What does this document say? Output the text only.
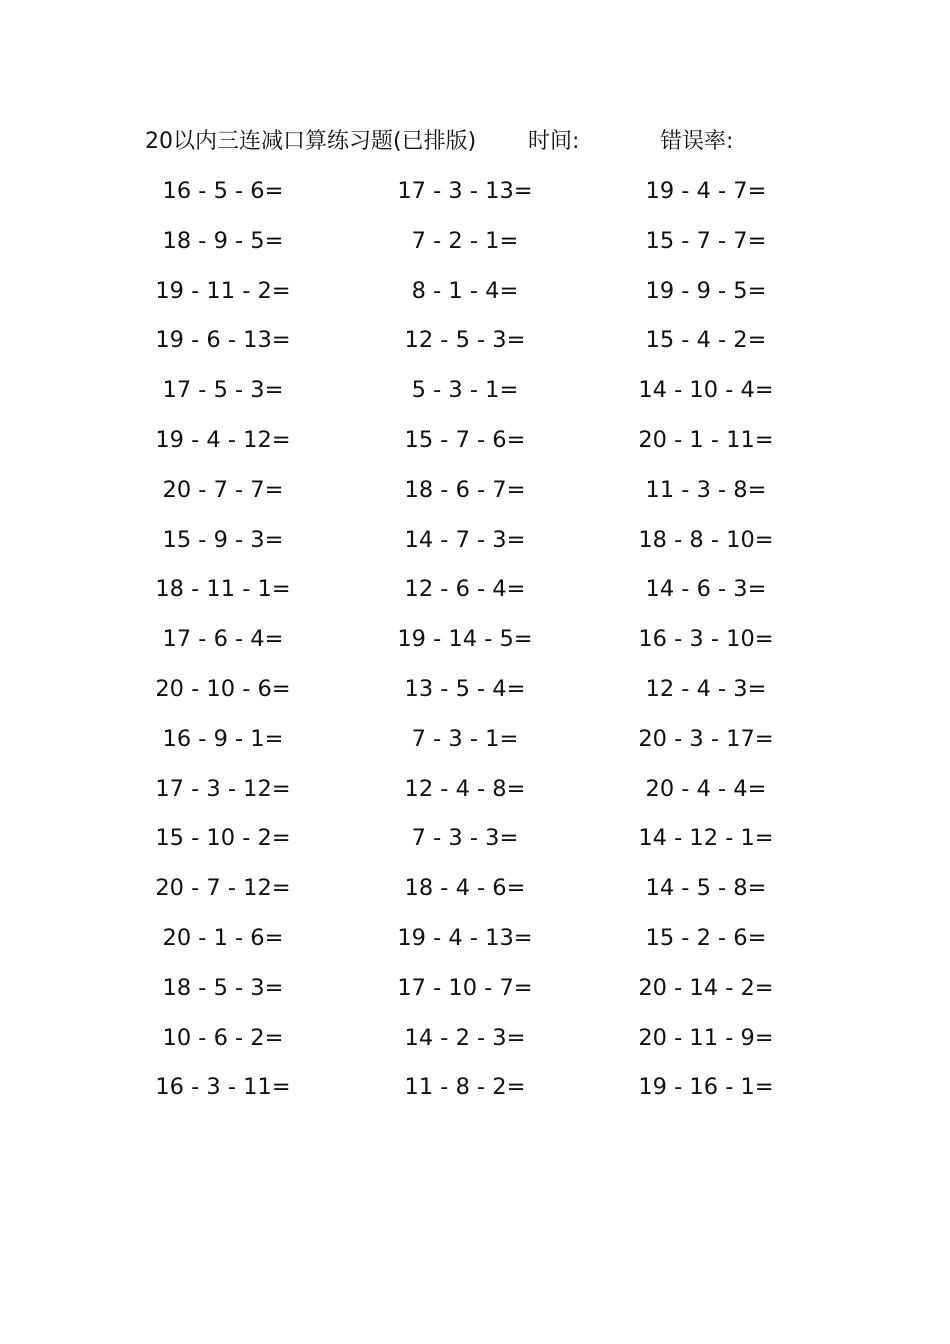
20以内三连减口算练习题(已排版) 时间:	错误率:
16 - 5 - 6=	17 - 3 - 13=	19 - 4 - 7=
18 - 9 - 5=	7 - 2 - 1=	15 - 7 - 7=
19 - 11 - 2=	8 - 1 - 4=	19 - 9 - 5=
19 - 6 - 13=	12 - 5 - 3=	15 - 4 - 2=
17 - 5 - 3=	5 - 3 - 1=	14 - 10 - 4=
19 - 4 - 12=	15 - 7 - 6=	20 - 1 - 11=
20 - 7 - 7=	18 - 6 - 7=	11 - 3 - 8=
15 - 9 - 3=	14 - 7 - 3=	18 - 8 - 10=
18 - 11 - 1=	12 - 6 - 4=	14 - 6 - 3=
17 - 6 - 4=	19 - 14 - 5=	16 - 3 - 10=
20 - 10 - 6=	13 - 5 - 4=	12 - 4 - 3=
16 - 9 - 1=	7 - 3 - 1=	20 - 3 - 17=
17 - 3 - 12=	12 - 4 - 8=	20 - 4 - 4=
15 - 10 - 2=	7 - 3 - 3=	14 - 12 - 1=
20 - 7 - 12=	18 - 4 - 6=	14 - 5 - 8=
20 - 1 - 6=	19 - 4 - 13=	15 - 2 - 6=
18 - 5 - 3=	17 - 10 - 7=	20 - 14 - 2=
10 - 6 - 2=	14 - 2 - 3=	20 - 11 - 9=
16 - 3 - 11=	11 - 8 - 2=	19 - 16 - 1=
